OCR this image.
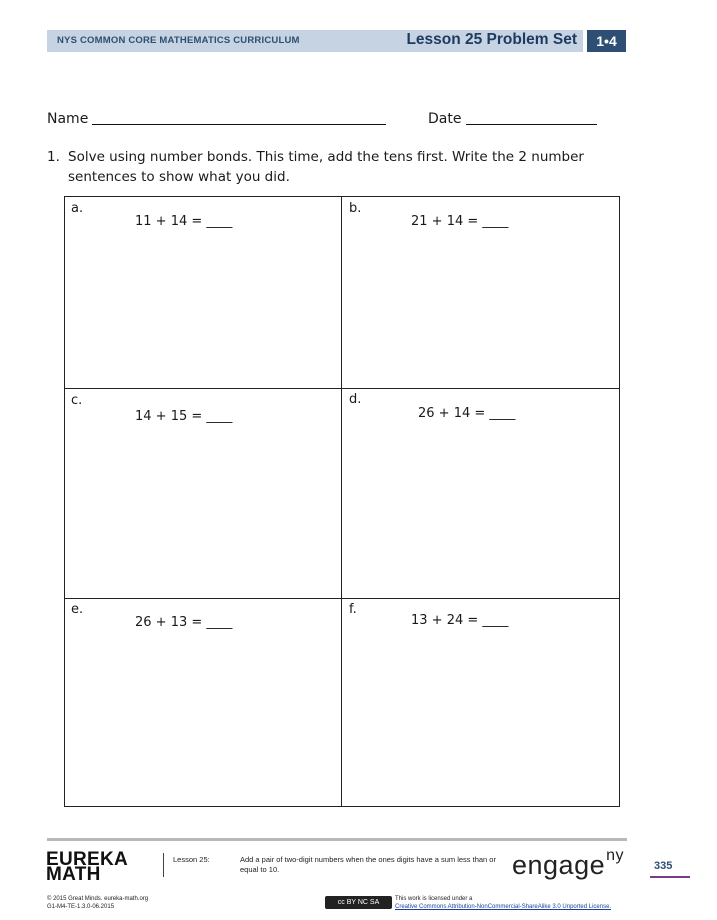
NYS COMMON CORE MATHEMATICS CURRICULUM	Lesson 25 Problem Set	1•4
Name	Date
1. Solve using number bonds. This time, add the tens first. Write the 2 number sentences to show what you did.
a.
11 + 14 = ____
b.
21 + 14 = ____
c.
14 + 15 = ____
d.
26 + 14 = ____
e.
26 + 13 = ____
f.
13 + 24 = ____
EUREKA
MATH
Lesson 25:	Add a pair of two-digit numbers when the ones digits have a sum less than or equal to 10.	engage$^{ny}$
335
© 2015 Great Minds. eureka-math.org
G1-M4-TE-1.3.0-06.2015
cc BY NC SA	This work is licensed under a
Creative Commons Attribution-NonCommercial-ShareAlike 3.0 Unported License.
